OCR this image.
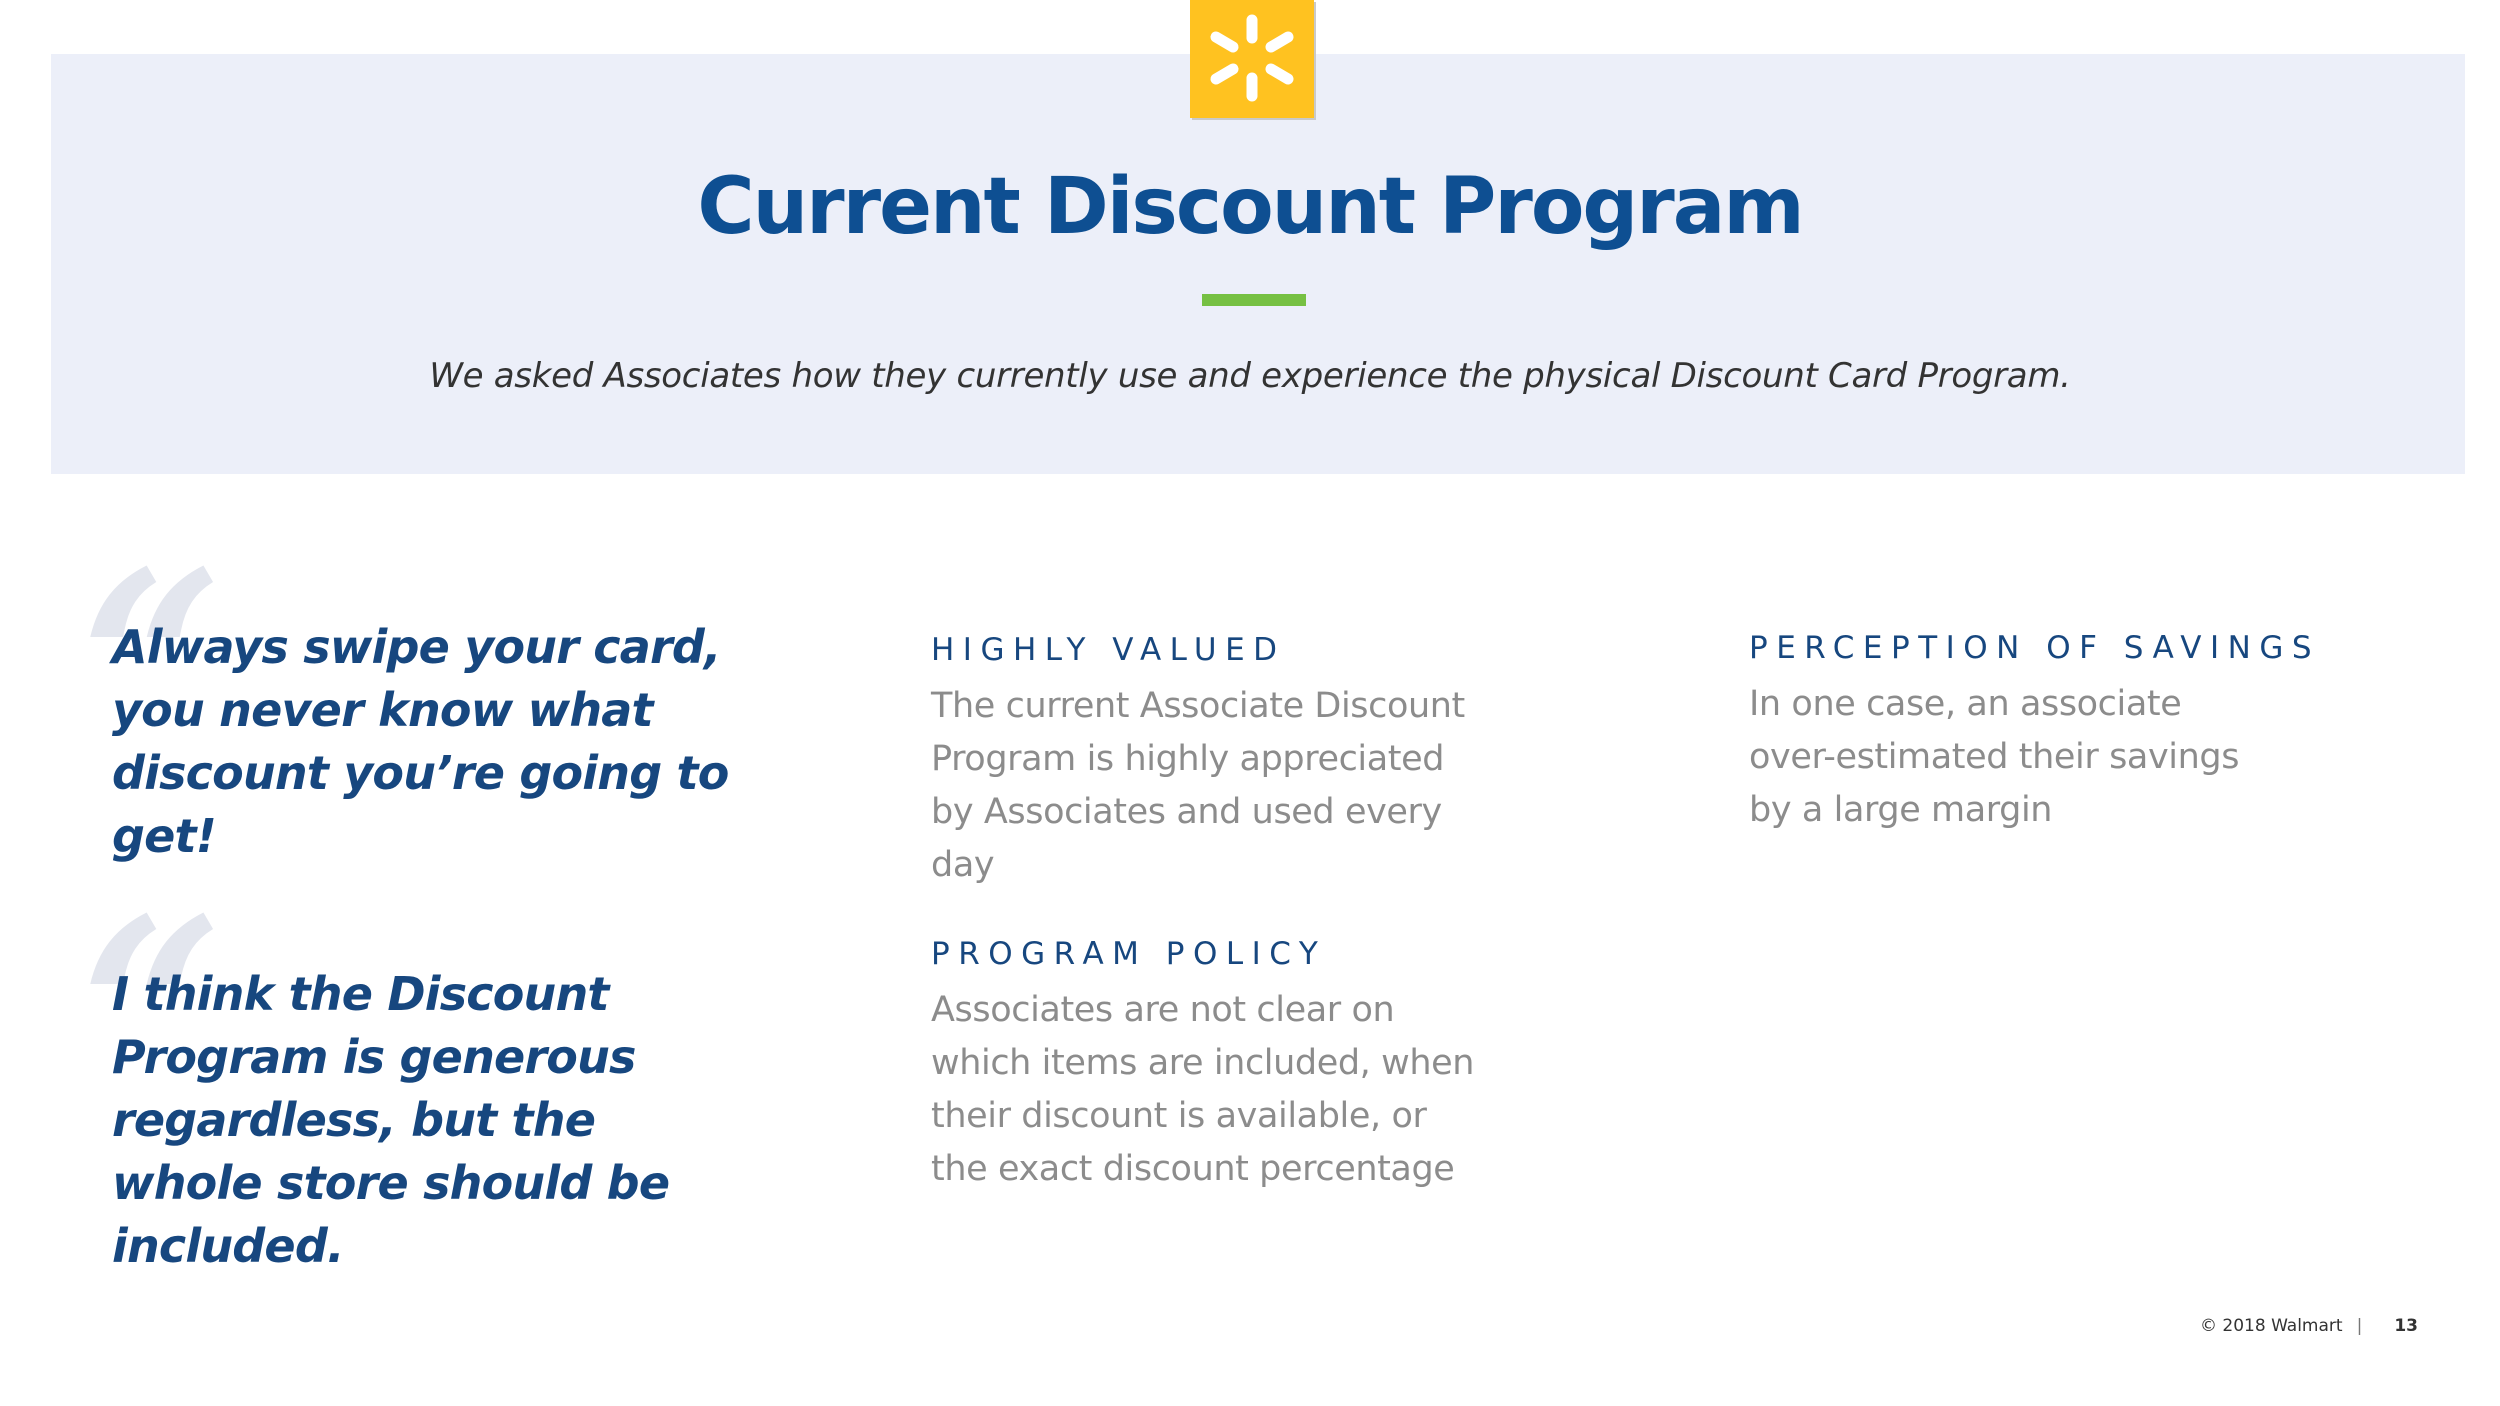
Current Discount Program
We asked Associates how they currently use and experience the physical Discount Card Program.
“
Always swipe your card, you never know what discount you’re going to get!
“
I think the Discount Program is generous regardless, but the whole store should be included.
HIGHLY VALUED
The current Associate Discount Program is highly appreciated by Associates and used every day
PERCEPTION OF SAVINGS
In one case, an associate over-estimated their savings by a large margin
PROGRAM POLICY
Associates are not clear on which items are included, when their discount is available, or the exact discount percentage
© 2018 Walmart | 13
